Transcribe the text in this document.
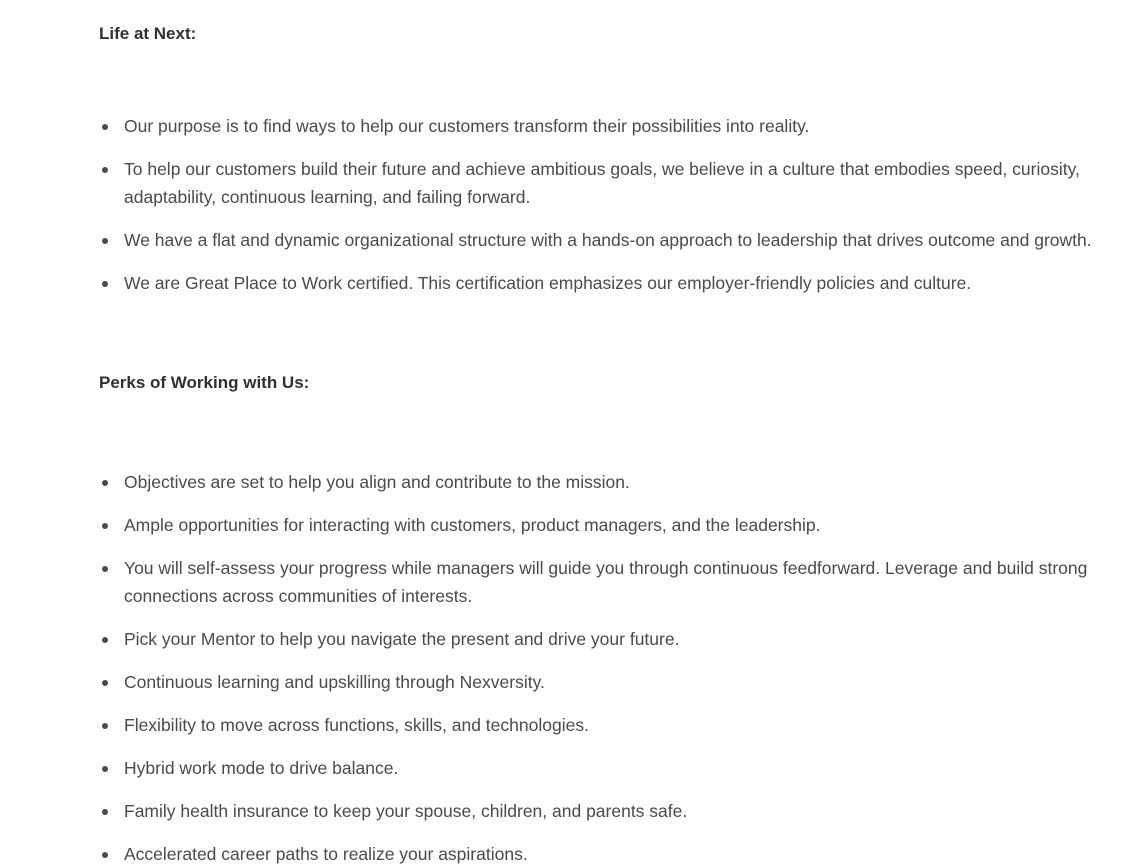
Life at Next:
Our purpose is to find ways to help our customers transform their possibilities into reality.
To help our customers build their future and achieve ambitious goals, we believe in a culture that embodies speed, curiosity, adaptability, continuous learning, and failing forward.
We have a flat and dynamic organizational structure with a hands-on approach to leadership that drives outcome and growth.
We are Great Place to Work certified. This certification emphasizes our employer-friendly policies and culture.
Perks of Working with Us:
Objectives are set to help you align and contribute to the mission.
Ample opportunities for interacting with customers, product managers, and the leadership.
You will self-assess your progress while managers will guide you through continuous feedforward. Leverage and build strong connections across communities of interests.
Pick your Mentor to help you navigate the present and drive your future.
Continuous learning and upskilling through Nexversity.
Flexibility to move across functions, skills, and technologies.
Hybrid work mode to drive balance.
Family health insurance to keep your spouse, children, and parents safe.
Accelerated career paths to realize your aspirations.
